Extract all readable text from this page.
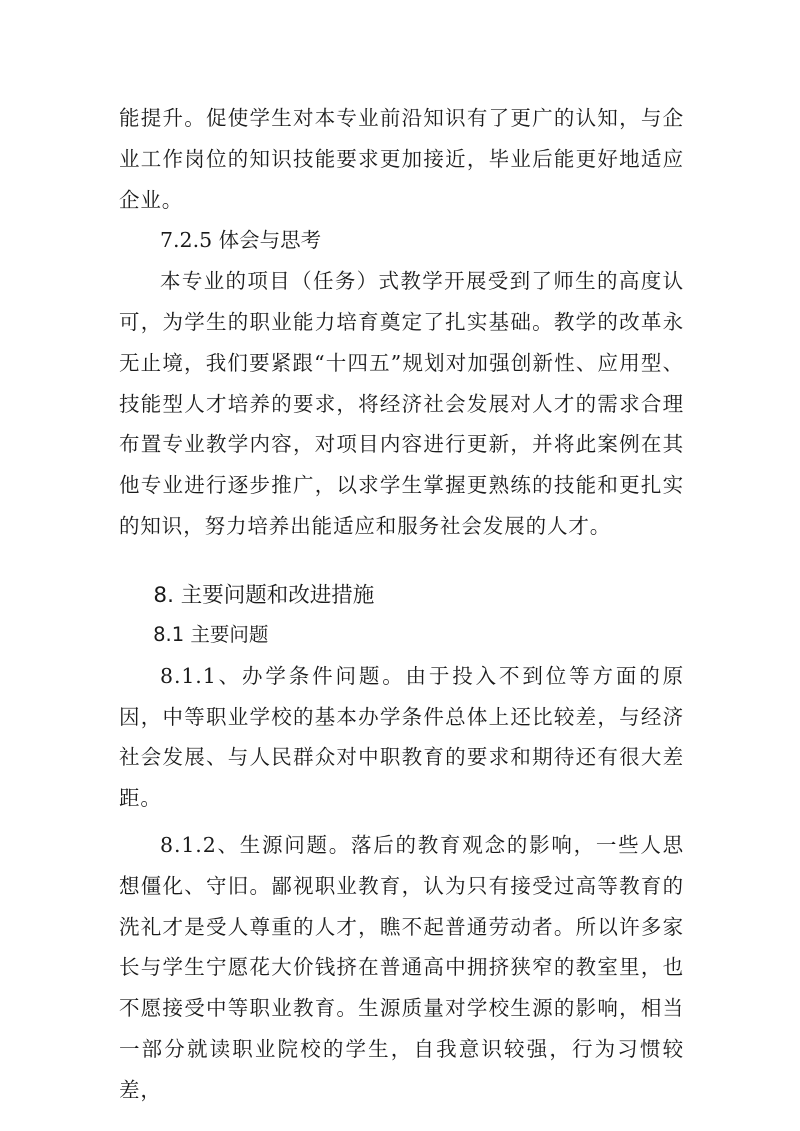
能提升。促使学生对本专业前沿知识有了更广的认知，与企业工作岗位的知识技能要求更加接近，毕业后能更好地适应企业。

7.2.5 体会与思考

本专业的项目（任务）式教学开展受到了师生的高度认可，为学生的职业能力培育奠定了扎实基础。教学的改革永无止境，我们要紧跟“十四五”规划对加强创新性、应用型、技能型人才培养的要求，将经济社会发展对人才的需求合理布置专业教学内容，对项目内容进行更新，并将此案例在其他专业进行逐步推广，以求学生掌握更熟练的技能和更扎实的知识，努力培养出能适应和服务社会发展的人才。

8. 主要问题和改进措施
8.1 主要问题

8.1.1、办学条件问题。由于投入不到位等方面的原因，中等职业学校的基本办学条件总体上还比较差，与经济社会发展、与人民群众对中职教育的要求和期待还有很大差距。

8.1.2、生源问题。落后的教育观念的影响，一些人思想僵化、守旧。鄙视职业教育，认为只有接受过高等教育的洗礼才是受人尊重的人才，瞧不起普通劳动者。所以许多家长与学生宁愿花大价钱挤在普通高中拥挤狭窄的教室里，也不愿接受中等职业教育。生源质量对学校生源的影响，相当一部分就读职业院校的学生，自我意识较强，行为习惯较差，
